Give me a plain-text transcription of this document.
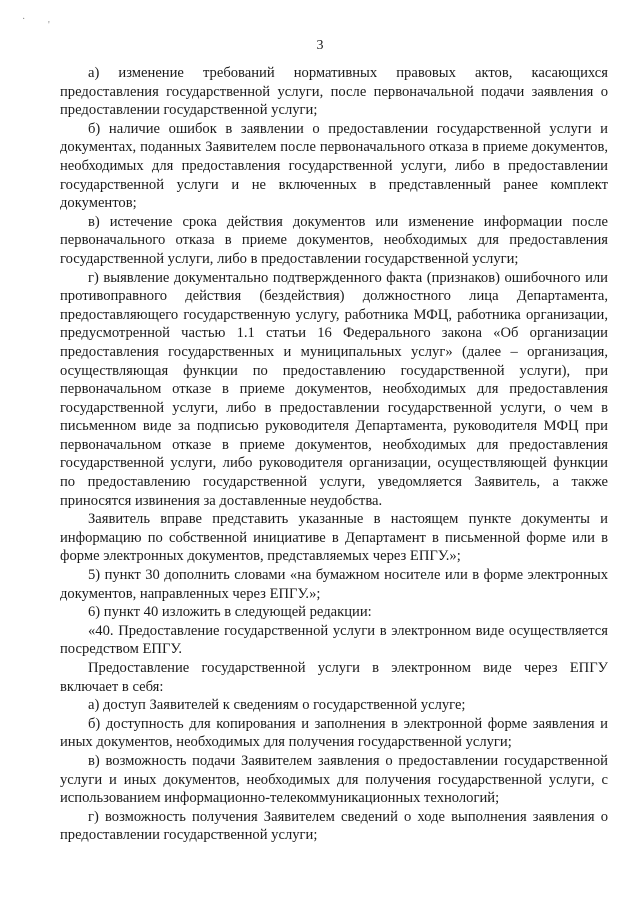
·
'
3

а) изменение требований нормативных правовых актов, касающихся предоставления государственной услуги, после первоначальной подачи заявления о предоставлении государственной услуги;

б) наличие ошибок в заявлении о предоставлении государственной услуги и документах, поданных Заявителем после первоначального отказа в приеме документов, необходимых для предоставления государственной услуги, либо в предоставлении государственной услуги и не включенных в представленный ранее комплект документов;

в) истечение срока действия документов или изменение информации после первоначального отказа в приеме документов, необходимых для предоставления государственной услуги, либо в предоставлении государственной услуги;

г) выявление документально подтвержденного факта (признаков) ошибочного или противоправного действия (бездействия) должностного лица Департамента, предоставляющего государственную услугу, работника МФЦ, работника организации, предусмотренной частью 1.1 статьи 16 Федерального закона «Об организации предоставления государственных и муниципальных услуг» (далее – организация, осуществляющая функции по предоставлению государственной услуги), при первоначальном отказе в приеме документов, необходимых для предоставления государственной услуги, либо в предоставлении государственной услуги, о чем в письменном виде за подписью руководителя Департамента, руководителя МФЦ при первоначальном отказе в приеме документов, необходимых для предоставления государственной услуги, либо руководителя организации, осуществляющей функции по предоставлению государственной услуги, уведомляется Заявитель, а также приносятся извинения за доставленные неудобства.

Заявитель вправе представить указанные в настоящем пункте документы и информацию по собственной инициативе в Департамент в письменной форме или в форме электронных документов, представляемых через ЕПГУ.»;

5) пункт 30 дополнить словами «на бумажном носителе или в форме электронных документов, направленных через ЕПГУ.»;

6) пункт 40 изложить в следующей редакции:

«40. Предоставление государственной услуги в электронном виде осуществляется посредством ЕПГУ.

Предоставление государственной услуги в электронном виде через ЕПГУ включает в себя:

а) доступ Заявителей к сведениям о государственной услуге;

б) доступность для копирования и заполнения в электронной форме заявления и иных документов, необходимых для получения государственной услуги;

в) возможность подачи Заявителем заявления о предоставлении государственной услуги и иных документов, необходимых для получения государственной услуги, с использованием информационно-телекоммуникационных технологий;

г) возможность получения Заявителем сведений о ходе выполнения заявления о предоставлении государственной услуги;
